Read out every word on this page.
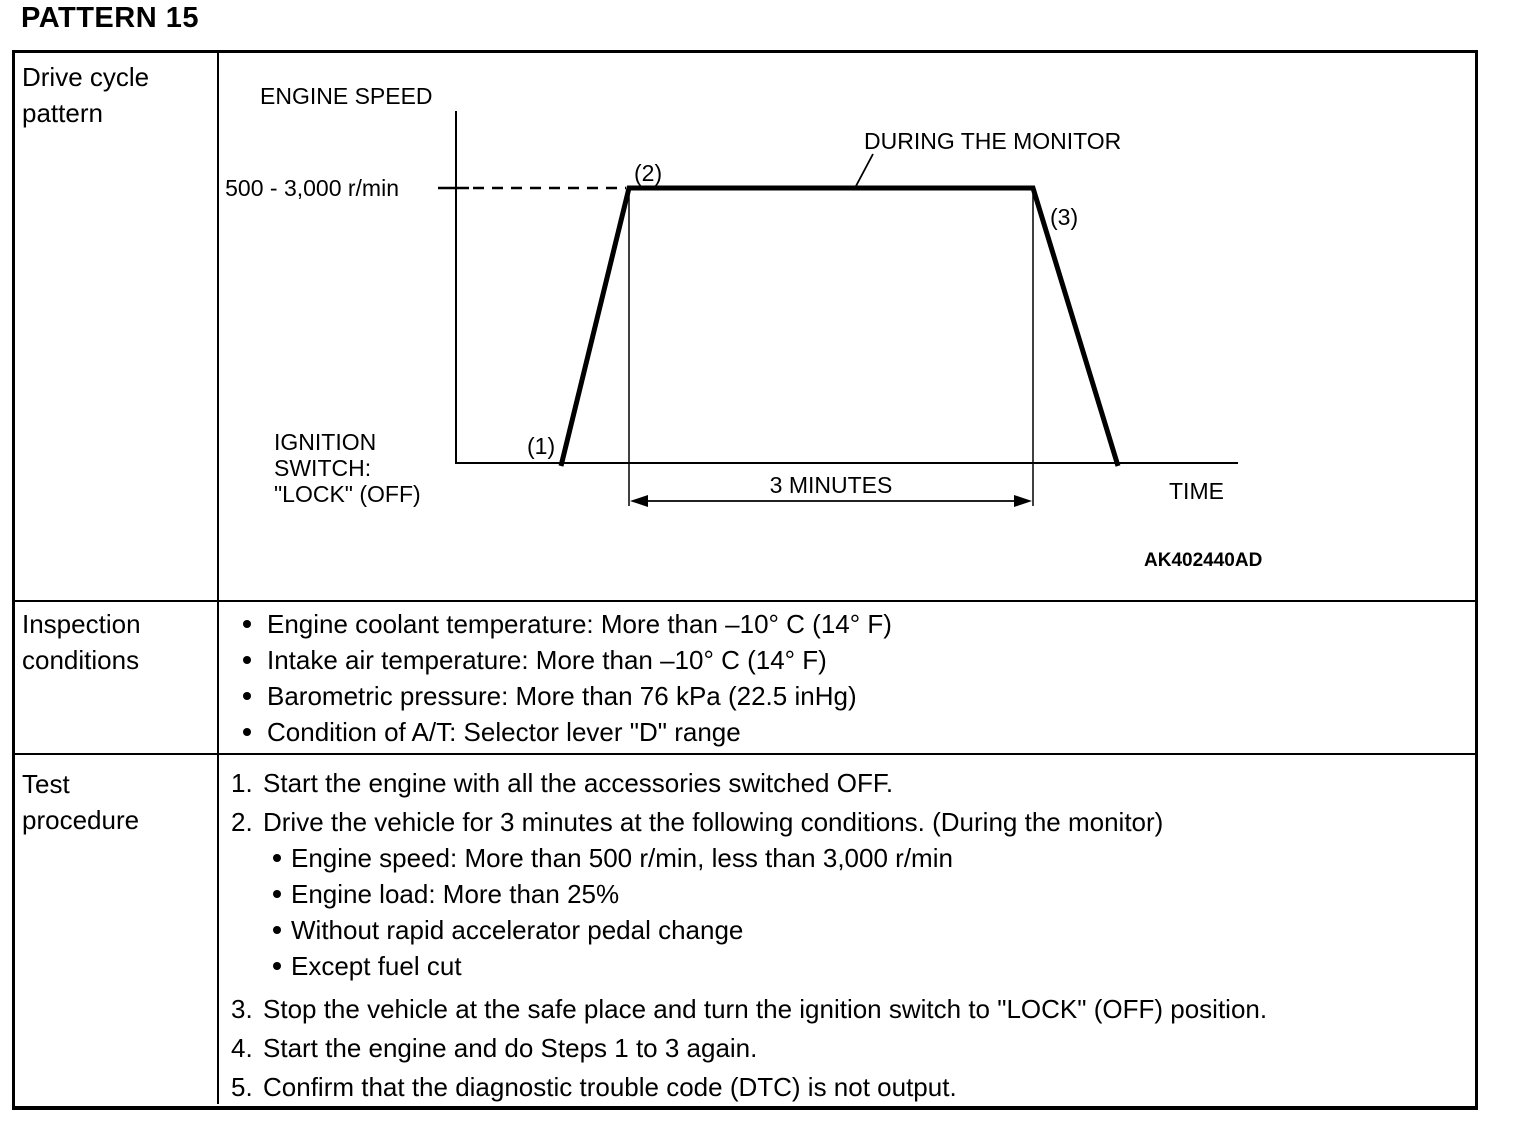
PATTERN 15
Drive cycle
pattern
ENGINE SPEED
500 - 3,000 r/min
DURING THE MONITOR
(2)
(3)
(1)
IGNITION
SWITCH:
"LOCK" (OFF)	3 MINUTES	TIME
AK402440AD
Inspection
conditions
Engine coolant temperature: More than –10° C (14° F)
Intake air temperature: More than –10° C (14° F)
Barometric pressure: More than 76 kPa (22.5 inHg)
Condition of A/T: Selector lever "D" range
Test
procedure
1. Start the engine with all the accessories switched OFF.
2. Drive the vehicle for 3 minutes at the following conditions. (During the monitor)
Engine speed: More than 500 r/min, less than 3,000 r/min
Engine load: More than 25%
Without rapid accelerator pedal change
Except fuel cut
3. Stop the vehicle at the safe place and turn the ignition switch to "LOCK" (OFF) position.
4. Start the engine and do Steps 1 to 3 again.
5. Confirm that the diagnostic trouble code (DTC) is not output.
